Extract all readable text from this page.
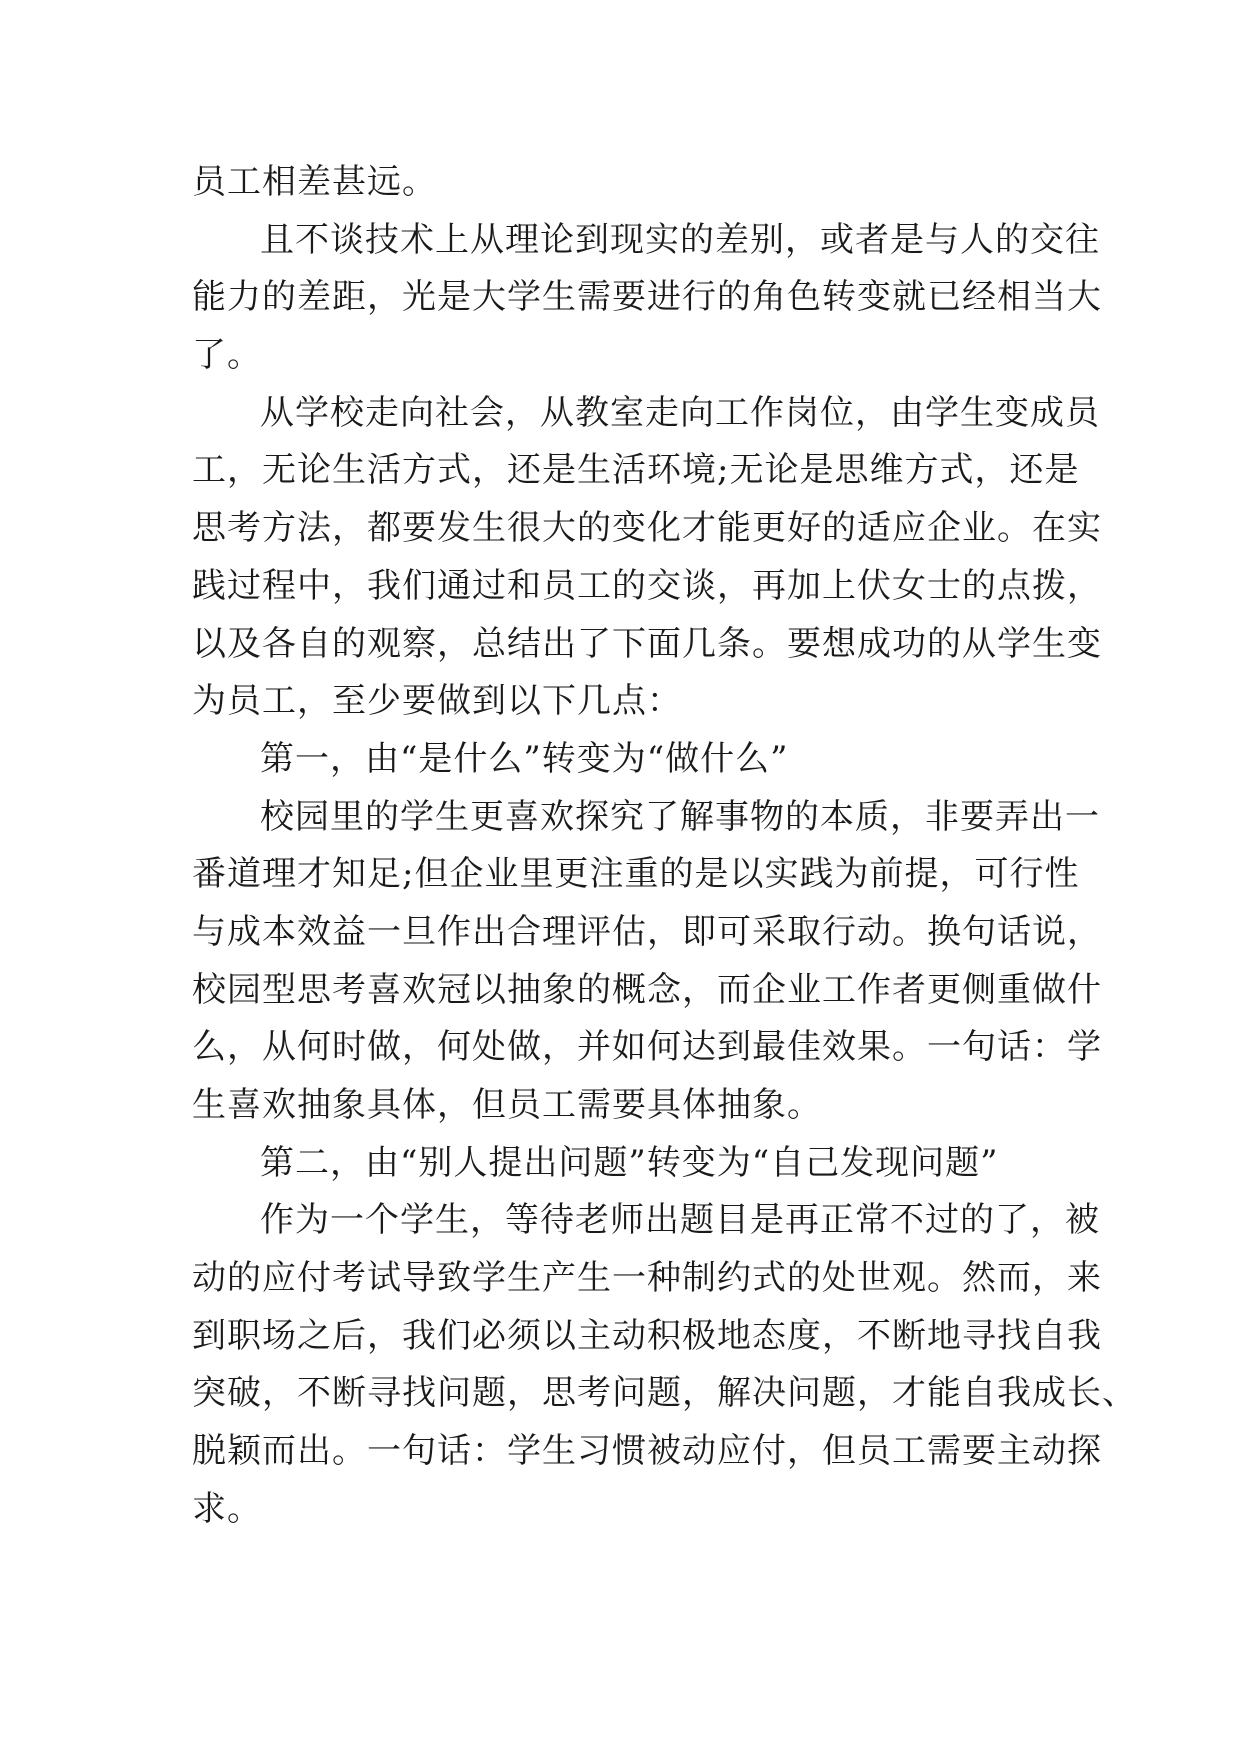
员工相差甚远。
且不谈技术上从理论到现实的差别，或者是与人的交往
能力的差距，光是大学生需要进行的角色转变就已经相当大
了。
从学校走向社会，从教室走向工作岗位，由学生变成员
工，无论生活方式，还是生活环境;无论是思维方式，还是
思考方法，都要发生很大的变化才能更好的适应企业。在实
践过程中，我们通过和员工的交谈，再加上伏女士的点拨，
以及各自的观察，总结出了下面几条。要想成功的从学生变
为员工，至少要做到以下几点：
第一，由“是什么”转变为“做什么”
校园里的学生更喜欢探究了解事物的本质，非要弄出一
番道理才知足;但企业里更注重的是以实践为前提，可行性
与成本效益一旦作出合理评估，即可采取行动。换句话说，
校园型思考喜欢冠以抽象的概念，而企业工作者更侧重做什
么，从何时做，何处做，并如何达到最佳效果。一句话：学
生喜欢抽象具体，但员工需要具体抽象。
第二，由“别人提出问题”转变为“自己发现问题”
作为一个学生，等待老师出题目是再正常不过的了，被
动的应付考试导致学生产生一种制约式的处世观。然而，来
到职场之后，我们必须以主动积极地态度，不断地寻找自我
突破，不断寻找问题，思考问题，解决问题，才能自我成长、
脱颖而出。一句话：学生习惯被动应付，但员工需要主动探
求。
